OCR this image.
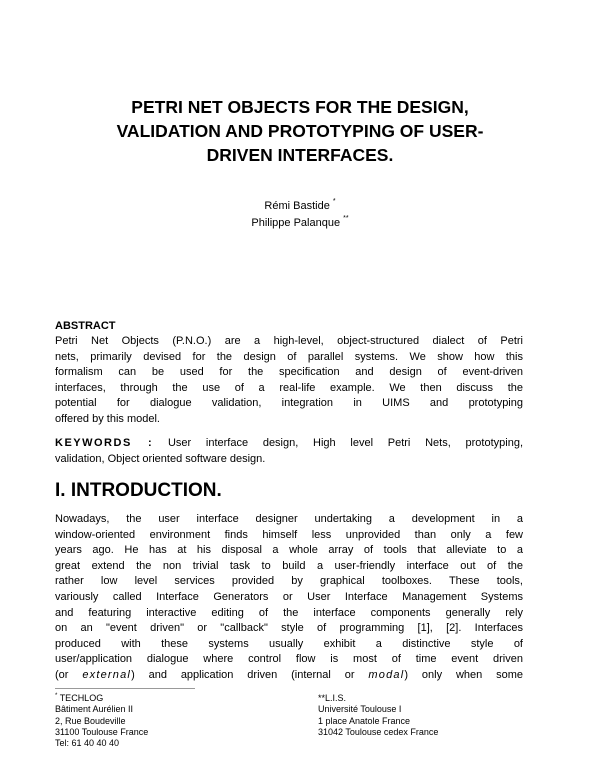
PETRI NET OBJECTS FOR THE DESIGN,
VALIDATION AND PROTOTYPING OF USER-
DRIVEN INTERFACES.
Rémi Bastide *
Philippe Palanque **
ABSTRACT
Petri Net Objects (P.N.O.) are a high-level, object-structured dialect of Petri
nets, primarily devised for the design of parallel systems. We show how this
formalism can be used for the specification and design of event-driven
interfaces, through the use of a real-life example. We then discuss the
potential for dialogue validation, integration in UIMS and prototyping
offered by this model.
KEYWORDS : User interface design, High level Petri Nets, prototyping,
validation, Object oriented software design.
I. INTRODUCTION.
Nowadays, the user interface designer undertaking a development in a
window-oriented environment finds himself less unprovided than only a few
years ago. He has at his disposal a whole array of tools that alleviate to a
great extend the non trivial task to build a user-friendly interface out of the
rather low level services provided by graphical toolboxes. These tools,
variously called Interface Generators or User Interface Management Systems
and featuring interactive editing of the interface components generally rely
on an "event driven" or "callback" style of programming [1], [2]. Interfaces
produced with these systems usually exhibit a distinctive style of
user/application dialogue where control flow is most of time event driven
(or external) and application driven (internal or modal) only when some
* TECHLOG
Bâtiment Aurélien II
2, Rue Boudeville
31100 Toulouse France
Tel: 61 40 40 40
**L.I.S.
Université Toulouse I
1 place Anatole France
31042 Toulouse cedex France
